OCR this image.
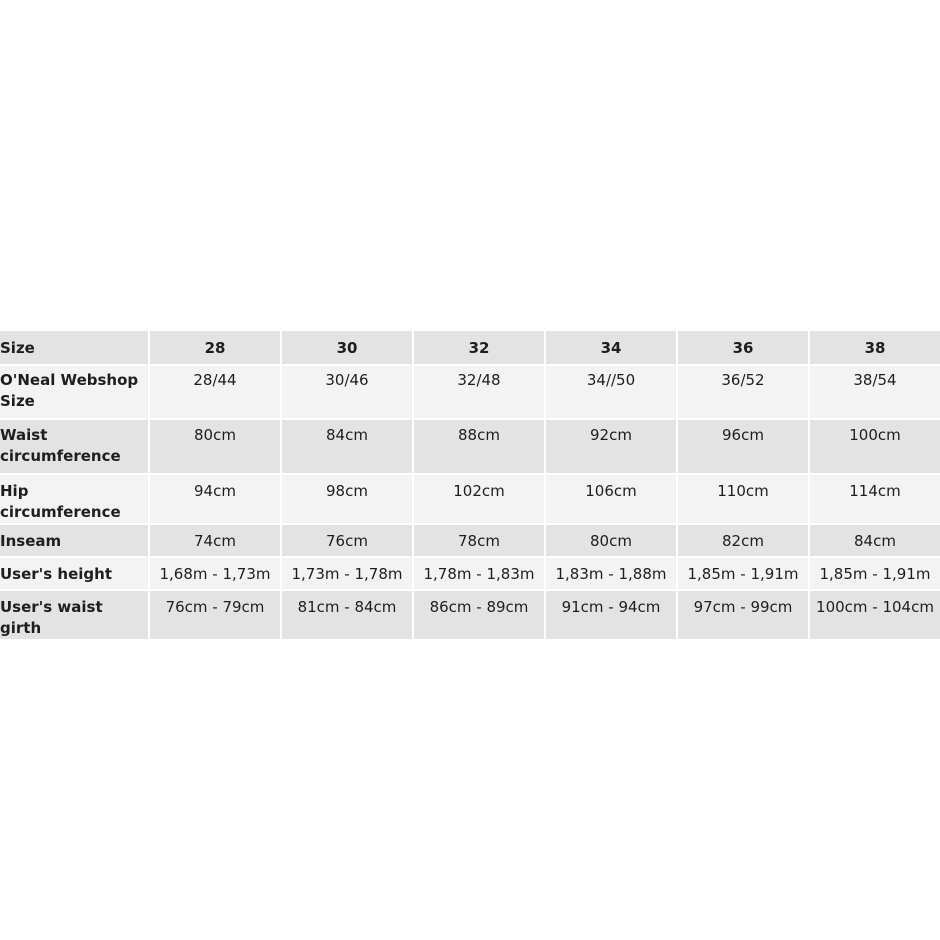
Size	28	30	32	34	36	38
O'Neal Webshop Size	28/44	30/46	32/48	34//50	36/52	38/54
Waist circumference	80cm	84cm	88cm	92cm	96cm	100cm
Hip circumference	94cm	98cm	102cm	106cm	110cm	114cm
Inseam	74cm	76cm	78cm	80cm	82cm	84cm
User's height	1,68m - 1,73m	1,73m - 1,78m	1,78m - 1,83m	1,83m - 1,88m	1,85m - 1,91m	1,85m - 1,91m
User's waist girth	76cm - 79cm	81cm - 84cm	86cm - 89cm	91cm - 94cm	97cm - 99cm	100cm - 104cm
